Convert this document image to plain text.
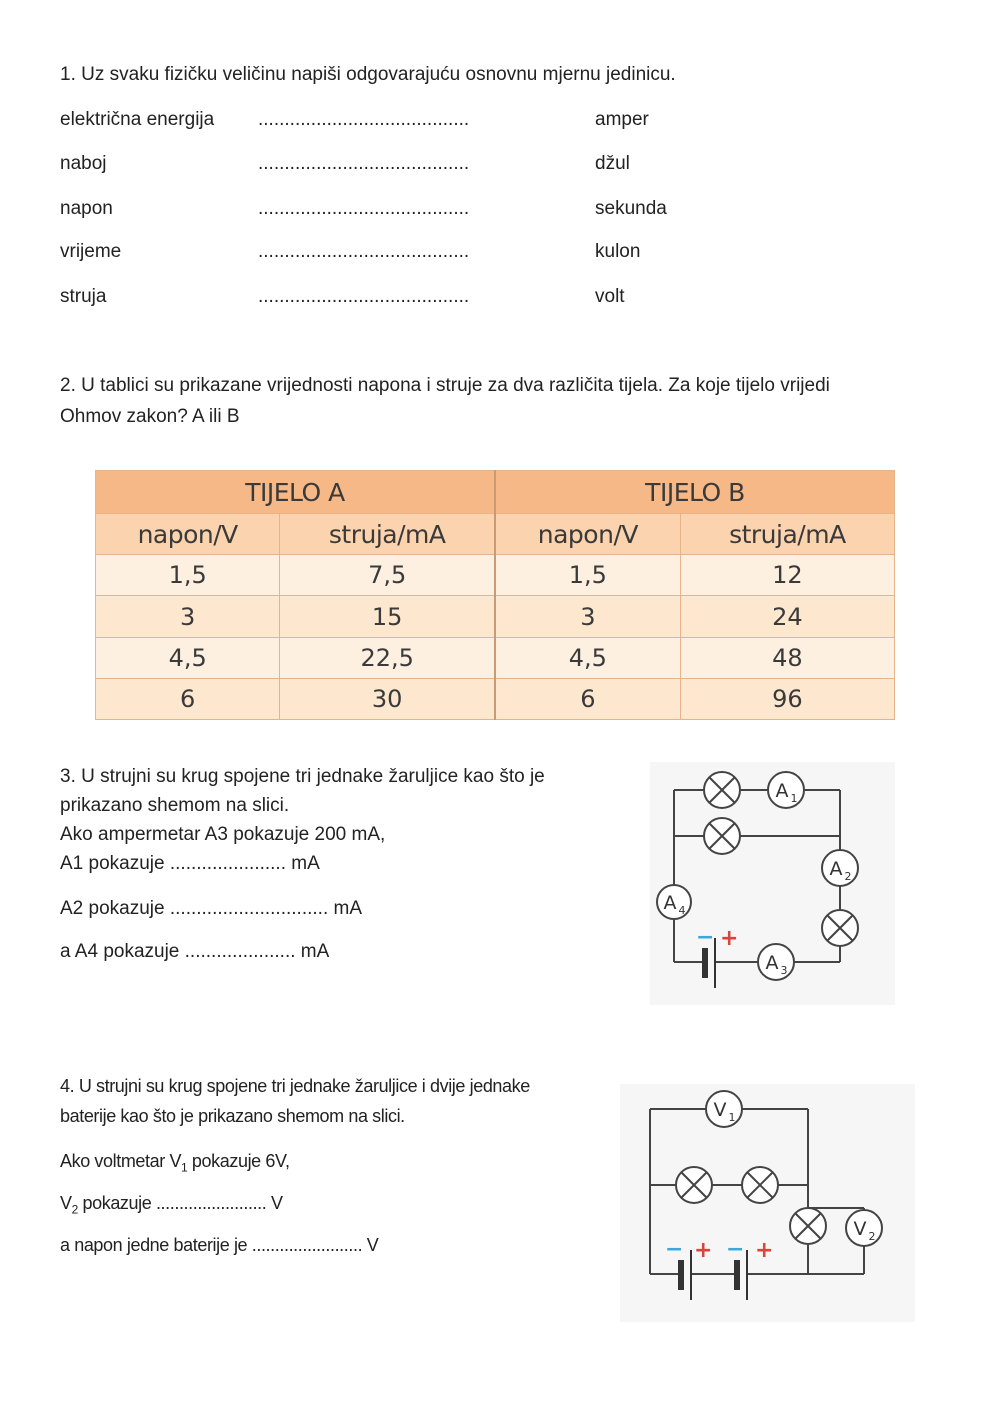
1. Uz svaku fizičku veličinu napiši odgovarajuću osnovnu mjernu jedinicu.
električna energija ........................................	amper
naboj	........................................	džul
napon	........................................	sekunda
vrijeme	........................................	kulon
struja	........................................	volt
2. U tablici su prikazane vrijednosti napona i struje za dva različita tijela. Za koje tijelo vrijedi
Ohmov zakon? A ili B
TIJELO A		TIJELO B	
napon/V	struja/mA	napon/V	struja/mA
1,5	7,5	1,5	12
3	15	3	24
4,5	22,5	4,5	48
6	30	6	96
3. U strujni su krug spojene tri jednake žaruljice kao što je
prikazano shemom na slici.
Ako ampermetar A3 pokazuje 200 mA,
A1 pokazuje ...................... mA
A2 pokazuje .............................. mA
a A4 pokazuje ..................... mA
A 1
A 2
A 3
A 4
− +
4. U strujni su krug spojene tri jednake žaruljice i dvije jednake
baterije kao što je prikazano shemom na slici.
Ako voltmetar $V_1$ pokazuje 6V,
$V_2$ pokazuje ........................ V
a napon jedne baterije je ........................ V
V 1
V 2
− + − +
